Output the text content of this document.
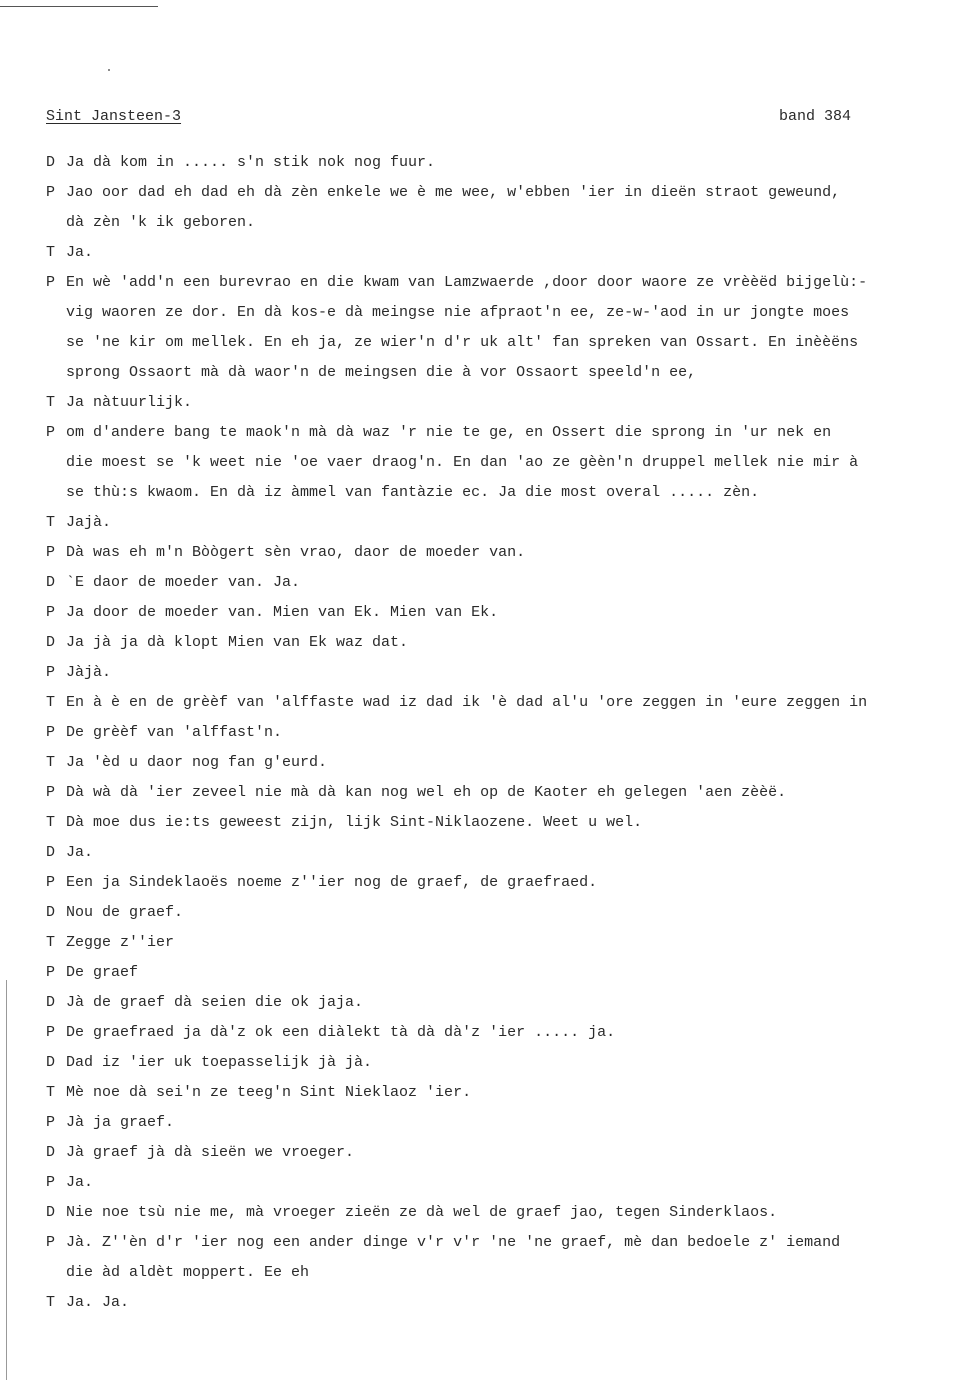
Sint Jansteen-3	band 384
D Ja dà kom in ..... s'n stik nok nog fuur.
P Jao oor dad eh dad eh dà zèn enkele we è me wee, w'ebben 'ier in dieën straot geweund,
dà zèn 'k ik geboren.
T Ja.
P En wè 'add'n een burevrao en die kwam van Lamzwaerde ,door door waore ze vrèèëd bijgelù:-
vig waoren ze dor. En dà kos-e dà meingse nie afpraot'n ee, ze-w-'aod in ur jongte moes
se 'ne kir om mellek. En eh ja, ze wier'n d'r uk alt' fan spreken van Ossart. En inèèëns
sprong Ossaort mà dà waor'n de meingsen die à vor Ossaort speeld'n ee,
T Ja nàtuurlijk.
P om d'andere bang te maok'n mà dà waz 'r nie te ge, en Ossert die sprong in 'ur nek en
die moest se 'k weet nie 'oe vaer draog'n. En dan 'ao ze gèèn'n druppel mellek nie mir à
se thù:s kwaom. En dà iz àmmel van fantàzie ec. Ja die most overal ..... zèn.
T Jajà.
P Dà was eh m'n Bòògert sèn vrao, daor de moeder van.
D `E daor de moeder van. Ja.
P Ja door de moeder van. Mien van Ek. Mien van Ek.
D Ja jà ja dà klopt Mien van Ek waz dat.
P Jàjà.
T En à è en de grèèf van 'alffaste wad iz dad ik 'è dad al'u 'ore zeggen in 'eure zeggen in
P De grèèf van 'alffast'n.
T Ja 'èd u daor nog fan g'eurd.
P Dà wà dà 'ier zeveel nie mà dà kan nog wel eh op de Kaoter eh gelegen 'aen zèèë.
T Dà moe dus ie:ts geweest zijn, lijk Sint-Niklaozene. Weet u wel.
D Ja.
P Een ja Sindeklaoës noeme z''ier nog de graef, de graefraed.
D Nou de graef.
T Zegge z''ier
P De graef
D Jà de graef dà seien die ok jaja.
P De graefraed ja dà'z ok een diàlekt tà dà dà'z 'ier ..... ja.
D Dad iz 'ier uk toepasselijk jà jà.
T Mè noe dà sei'n ze teeg'n Sint Nieklaoz 'ier.
P Jà ja graef.
D Jà graef jà dà sieën we vroeger.
P Ja.
D Nie noe tsù nie me, mà vroeger zieën ze dà wel de graef jao, tegen Sinderklaos.
P Jà. Z''èn d'r 'ier nog een ander dinge v'r v'r 'ne 'ne graef, mè dan bedoele z' iemand
die àd aldèt moppert. Ee eh
T Ja. Ja.
